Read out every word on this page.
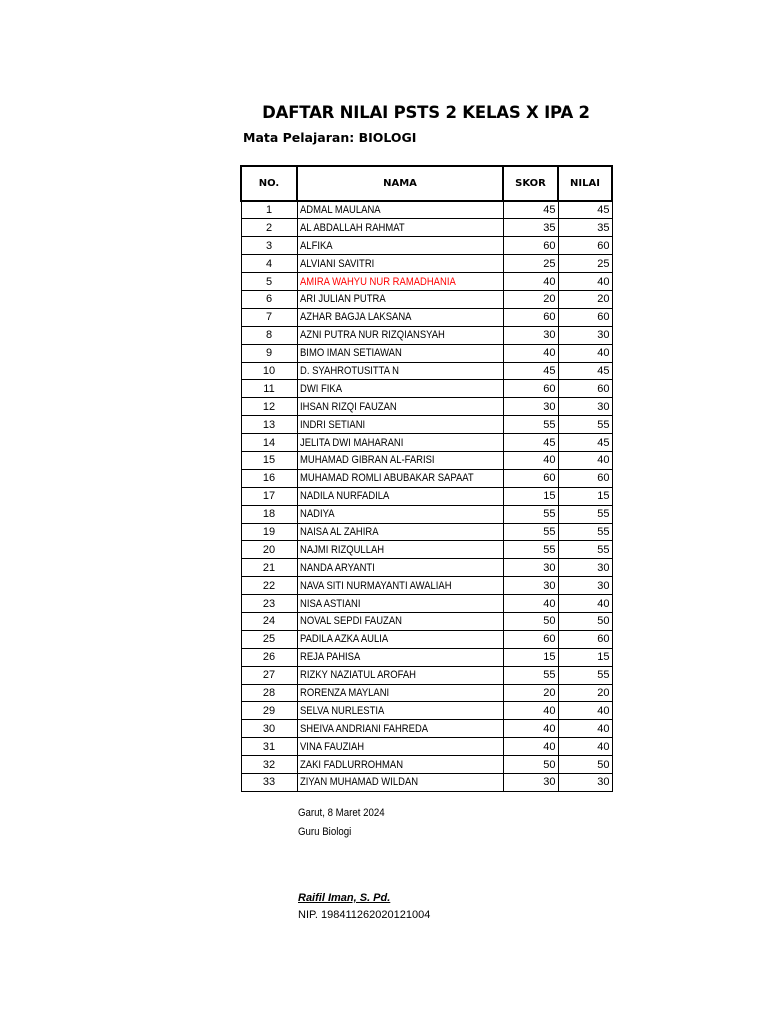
DAFTAR NILAI PSTS 2 KELAS X IPA 2
Mata Pelajaran: BIOLOGI
NO.	NAMA	SKOR	NILAI
1	ADMAL MAULANA	45	45
2	AL ABDALLAH RAHMAT	35	35
3	ALFIKA	60	60
4	ALVIANI SAVITRI	25	25
5	AMIRA WAHYU NUR RAMADHANIA	40	40
6	ARI JULIAN PUTRA	20	20
7	AZHAR BAGJA LAKSANA	60	60
8	AZNI PUTRA NUR RIZQIANSYAH	30	30
9	BIMO IMAN SETIAWAN	40	40
10	D. SYAHROTUSITTA N	45	45
11	DWI FIKA	60	60
12	IHSAN RIZQI FAUZAN	30	30
13	INDRI SETIANI	55	55
14	JELITA DWI MAHARANI	45	45
15	MUHAMAD GIBRAN AL-FARISI	40	40
16	MUHAMAD ROMLI ABUBAKAR SAPAAT	60	60
17	NADILA NURFADILA	15	15
18	NADIYA	55	55
19	NAISA AL ZAHIRA	55	55
20	NAJMI RIZQULLAH	55	55
21	NANDA ARYANTI	30	30
22	NAVA SITI NURMAYANTI AWALIAH	30	30
23	NISA ASTIANI	40	40
24	NOVAL SEPDI FAUZAN	50	50
25	PADILA AZKA AULIA	60	60
26	REJA PAHISA	15	15
27	RIZKY NAZIATUL AROFAH	55	55
28	RORENZA MAYLANI	20	20
29	SELVA NURLESTIA	40	40
30	SHEIVA ANDRIANI FAHREDA	40	40
31	VINA FAUZIAH	40	40
32	ZAKI FADLURROHMAN	50	50
33	ZIYAN MUHAMAD WILDAN	30	30
Garut, 8 Maret 2024
Guru Biologi
Raifil Iman, S. Pd.
NIP. 198411262020121004
